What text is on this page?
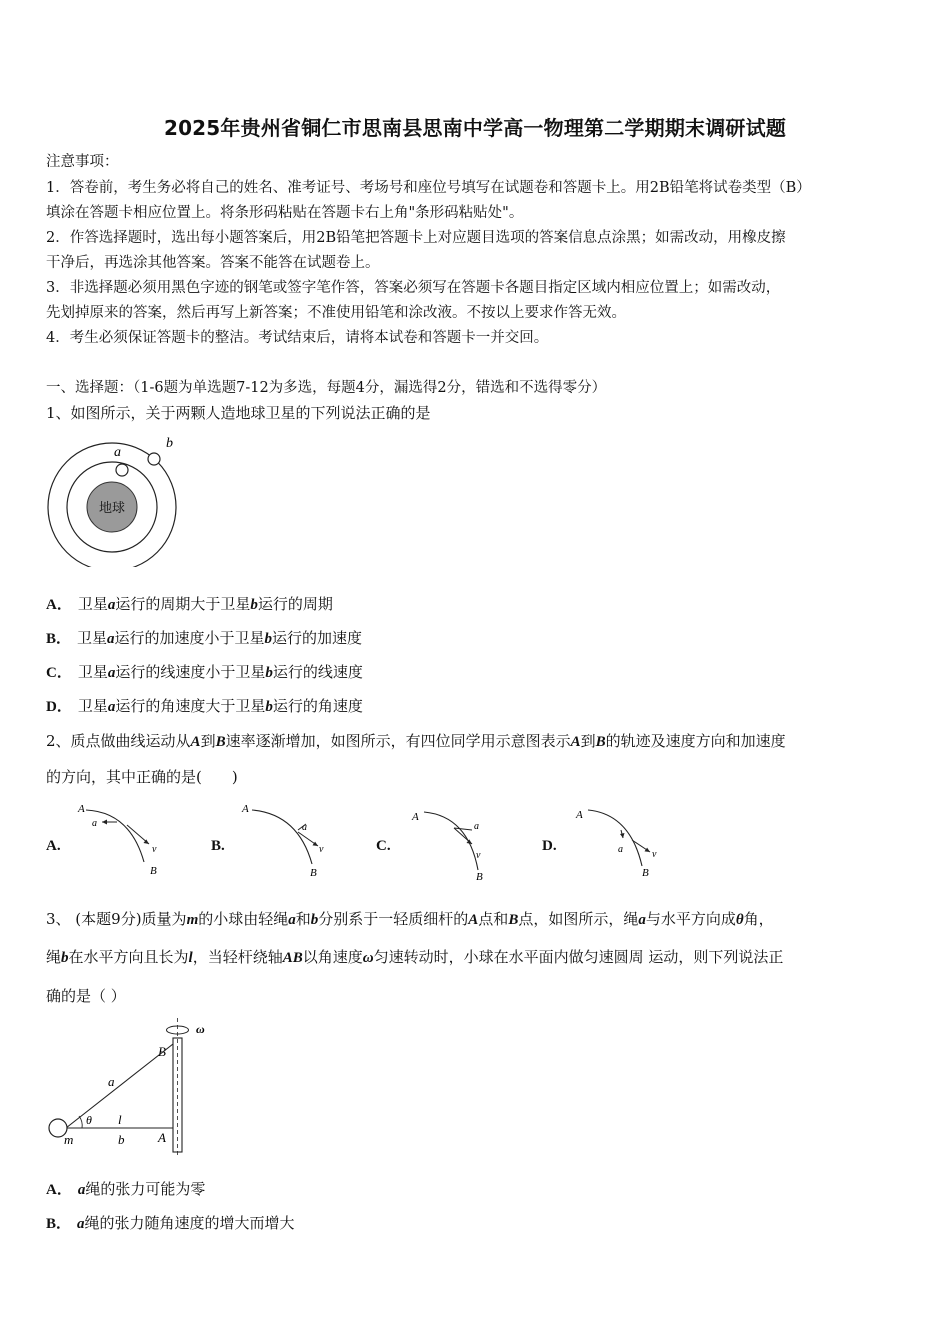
2025年贵州省铜仁市思南县思南中学高一物理第二学期期末调研试题
注意事项：
1．答卷前，考生务必将自己的姓名、准考证号、考场号和座位号填写在试题卷和答题卡上。用2B铅笔将试卷类型（B）
填涂在答题卡相应位置上。将条形码粘贴在答题卡右上角"条形码粘贴处"。
2．作答选择题时，选出每小题答案后，用2B铅笔把答题卡上对应题目选项的答案信息点涂黑；如需改动，用橡皮擦
干净后，再选涂其他答案。答案不能答在试题卷上。
3．非选择题必须用黑色字迹的钢笔或签字笔作答，答案必须写在答题卡各题目指定区域内相应位置上；如需改动，
先划掉原来的答案，然后再写上新答案；不准使用铅笔和涂改液。不按以上要求作答无效。
4．考生必须保证答题卡的整洁。考试结束后，请将本试卷和答题卡一并交回。
一、选择题：（1-6题为单选题7-12为多选，每题4分，漏选得2分，错选和不选得零分）
1、如图所示，关于两颗人造地球卫星的下列说法正确的是
地球
a
b
A． 卫星a运行的周期大于卫星b运行的周期
B． 卫星a运行的加速度小于卫星b运行的加速度
C． 卫星a运行的线速度小于卫星b运行的线速度
D． 卫星a运行的角速度大于卫星b运行的角速度
2、质点做曲线运动从A到B速率逐渐增加，如图所示，有四位同学用示意图表示A到B的轨迹及速度方向和加速度
的方向，其中正确的是(　　)
A.
A
B
a
v	B.
A
B
a
v	C.
A
B
a
v
D.
A
B
a	v
3、 (本题9分)质量为m的小球由轻绳a和b分别系于一轻质细杆的A点和B点，如图所示，绳a与水平方向成θ角，
绳b在水平方向且长为l，当轻杆绕轴AB以角速度ω匀速转动时，小球在水平面内做匀速圆周 运动，则下列说法正
确的是（ ）
ω
B
a
θ l
m	b	A
A． a绳的张力可能为零
B． a绳的张力随角速度的增大而增大
